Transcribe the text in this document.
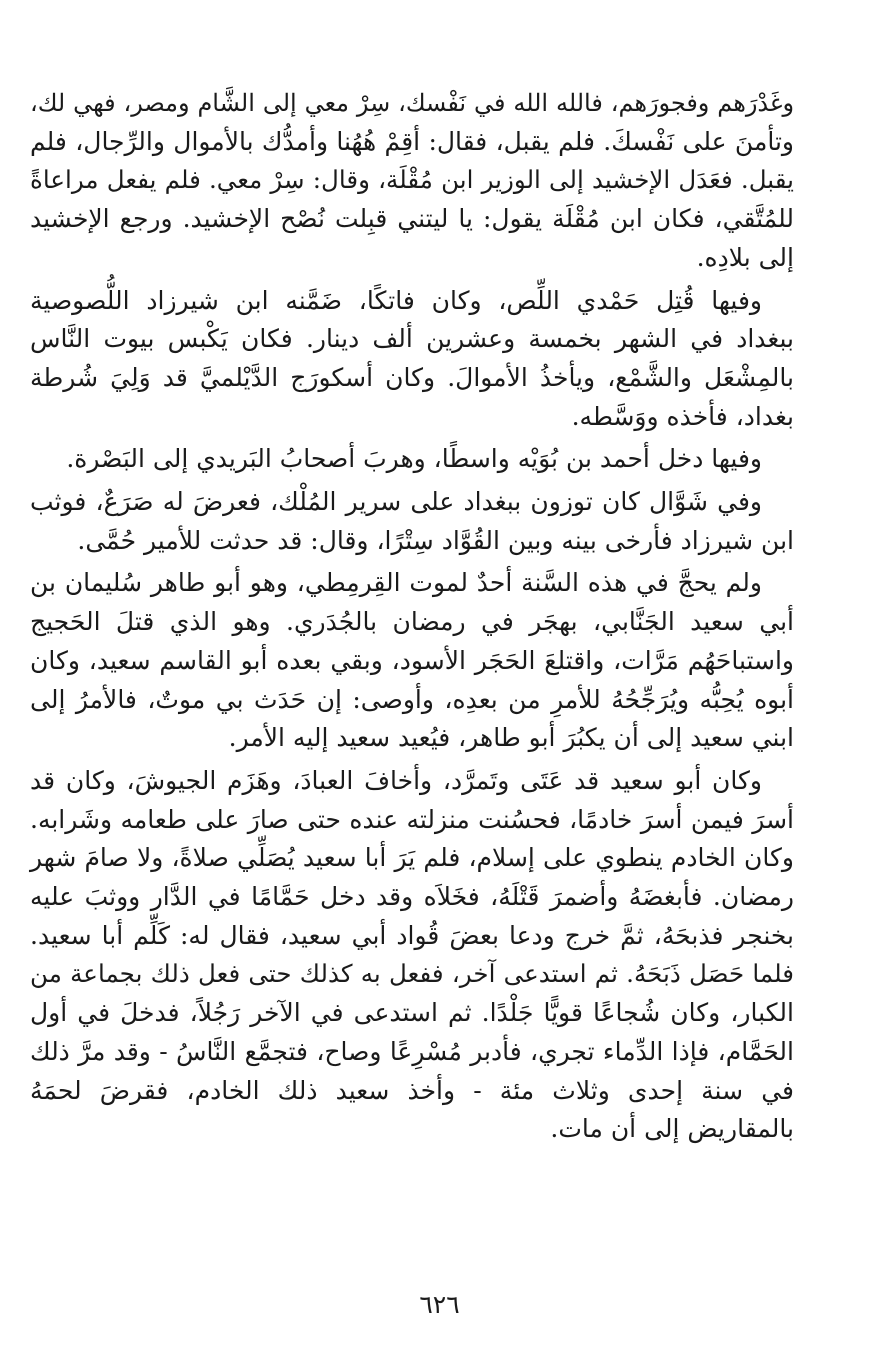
وغَدْرَهم وفجورَهم، فالله الله في نَفْسك، سِرْ معي إلى الشَّام ومصر، فهي لك،
وتأمنَ على نَفْسكَ. فلم يقبل، فقال: أقِمْ هُهُنا وأمدُّك بالأموال والرِّجال، فلم
يقبل. فعَدَل الإخشيد إلى الوزير ابن مُقْلَة، وقال: سِرْ معي. فلم يفعل مراعاةً
للمُتَّقي، فكان ابن مُقْلَة يقول: يا ليتني قبِلت نُصْح الإخشيد. ورجع الإخشيد
إلى بلادِه.

وفيها قُتِل حَمْدي اللِّص، وكان فاتكًا، ضَمَّنه ابن شيرزاد اللُّصوصية
ببغداد في الشهر بخمسة وعشرين ألف دينار. فكان يَكْبس بيوت النَّاس
بالمِشْعَل والشَّمْع، ويأخذُ الأموالَ. وكان أسكورَج الدَّيْلميَّ قد وَلِيَ شُرطة
بغداد، فأخذه ووَسَّطه.

وفيها دخل أحمد بن بُوَيْه واسطًا، وهربَ أصحابُ البَريدي إلى البَصْرة.

وفي شَوَّال كان توزون ببغداد على سرير المُلْك، فعرضَ له صَرَعٌ، فوثب
ابن شيرزاد فأرخى بينه وبين القُوَّاد سِتْرًا، وقال: قد حدثت للأمير حُمَّى.

ولم يحجَّ في هذه السَّنة أحدٌ لموت القِرمِطي، وهو أبو طاهر سُليمان بن
أبي سعيد الجَنَّابي، بهجَر في رمضان بالجُدَري. وهو الذي قتلَ الحَجيج
واستباحَهُم مَرَّات، واقتلعَ الحَجَر الأسود، وبقي بعده أبو القاسم سعيد، وكان
أبوه يُحِبُّه ويُرَجِّحُهُ للأمرِ من بعدِه، وأوصى: إن حَدَث بي موتٌ، فالأمرُ إلى
ابني سعيد إلى أن يكبُرَ أبو طاهر، فيُعيد سعيد إليه الأمر.

وكان أبو سعيد قد عَتَى وتَمرَّد، وأخافَ العبادَ، وهَزَم الجيوشَ، وكان قد
أسرَ فيمن أسرَ خادمًا، فحسُنت منزلته عنده حتى صارَ على طعامه وشَرابه.
وكان الخادم ينطوي على إسلام، فلم يَرَ أبا سعيد يُصَلِّي صلاةً، ولا صامَ شهر
رمضان. فأبغضَهُ وأضمرَ قَتْلَهُ، فخَلاَه وقد دخل حَمَّامًا في الدَّار ووثبَ عليه
بخنجر فذبحَهُ، ثمَّ خرج ودعا بعضَ قُواد أبي سعيد، فقال له: كَلِّم أبا سعيد.
فلما حَصَل ذَبَحَهُ. ثم استدعى آخر، ففعل به كذلك حتى فعل ذلك بجماعة من
الكبار، وكان شُجاعًا قويًّا جَلْدًا. ثم استدعى في الآخر رَجُلاً، فدخلَ في أول
الحَمَّام، فإذا الدِّماء تجري، فأدبر مُسْرِعًا وصاح، فتجمَّع النَّاسُ - وقد مرَّ ذلك
في سنة إحدى وثلاث مئة - وأخذ سعيد ذلك الخادم، فقرضَ لحمَهُ
بالمقاريض إلى أن مات.

٦٢٦
